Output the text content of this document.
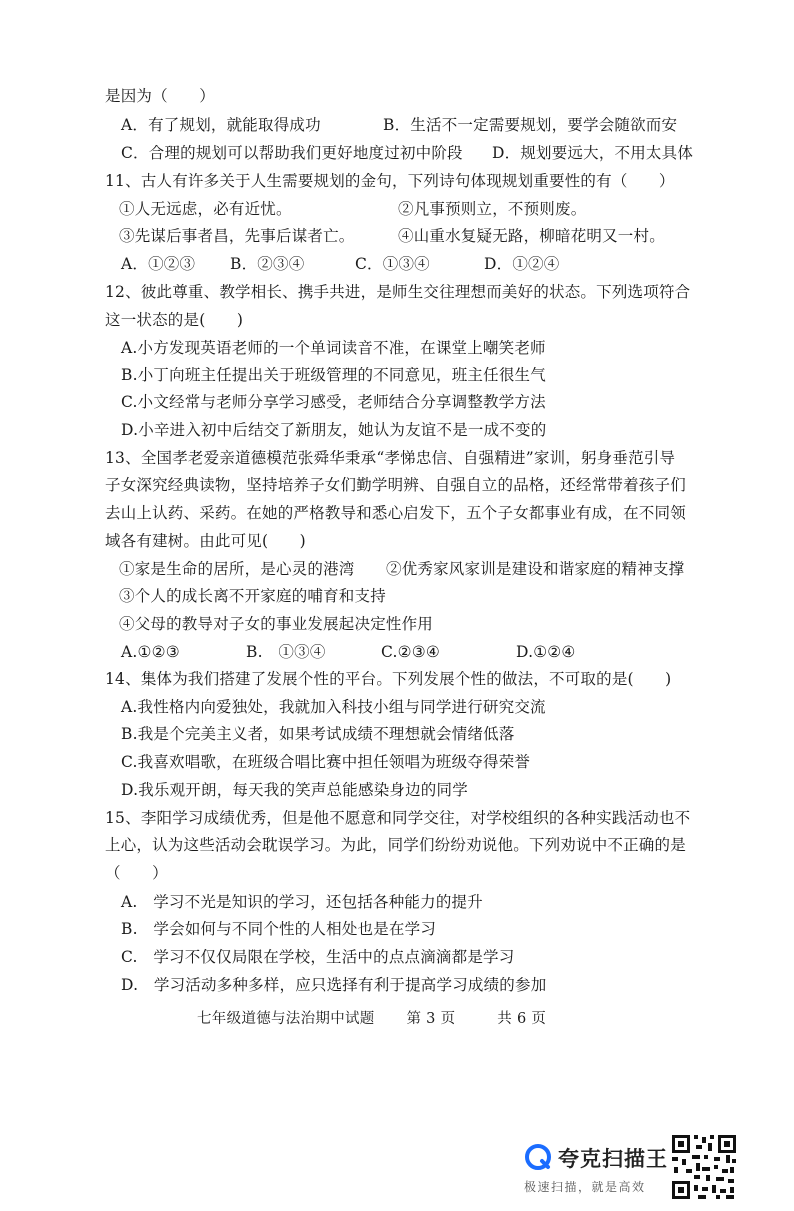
是因为（　　）
A．有了规划，就能取得成功	B．生活不一定需要规划，要学会随欲而安
C．合理的规划可以帮助我们更好地度过初中阶段 D．规划要远大，不用太具体
11、古人有许多关于人生需要规划的金句，下列诗句体现规划重要性的有（　　）
①人无远虑，必有近忧。	②凡事预则立，不预则废。
③先谋后事者昌，先事后谋者亡。	④山重水复疑无路，柳暗花明又一村。
A．①②③ B．②③④	C．①③④	D．①②④
12、彼此尊重、教学相长、携手共进，是师生交往理想而美好的状态。下列选项符合
这一状态的是(　　)
A.小方发现英语老师的一个单词读音不准，在课堂上嘲笑老师
B.小丁向班主任提出关于班级管理的不同意见，班主任很生气
C.小文经常与老师分享学习感受，老师结合分享调整教学方法
D.小辛进入初中后结交了新朋友，她认为友谊不是一成不变的
13、全国孝老爱亲道德模范张舜华秉承“孝悌忠信、自强精进”家训，躬身垂范引导
子女深究经典读物，坚持培养子女们勤学明辨、自强自立的品格，还经常带着孩子们
去山上认药、采药。在她的严格教导和悉心启发下，五个子女都事业有成，在不同领
域各有建树。由此可见(　　)
①家是生命的居所，是心灵的港湾 ②优秀家风家训是建设和谐家庭的精神支撑
③个人的成长离不开家庭的哺育和支持
④父母的教导对子女的事业发展起决定性作用
A.①②③	B.　①③④	C.②③④	D.①②④
14、集体为我们搭建了发展个性的平台。下列发展个性的做法，不可取的是(　　)
A.我性格内向爱独处，我就加入科技小组与同学进行研究交流
B.我是个完美主义者，如果考试成绩不理想就会情绪低落
C.我喜欢唱歌，在班级合唱比赛中担任领唱为班级夺得荣誉
D.我乐观开朗，每天我的笑声总能感染身边的同学
15、李阳学习成绩优秀，但是他不愿意和同学交往，对学校组织的各种实践活动也不
上心，认为这些活动会耽误学习。为此，同学们纷纷劝说他。下列劝说中不正确的是
（　　）
A.　学习不光是知识的学习，还包括各种能力的提升
B.　学会如何与不同个性的人相处也是在学习
C.　学习不仅仅局限在学校，生活中的点点滴滴都是学习
D.　学习活动多种多样，应只选择有利于提高学习成绩的参加
七年级道德与法治期中试题 第 3 页	共 6 页
夸克扫描王
极速扫描，就是高效
